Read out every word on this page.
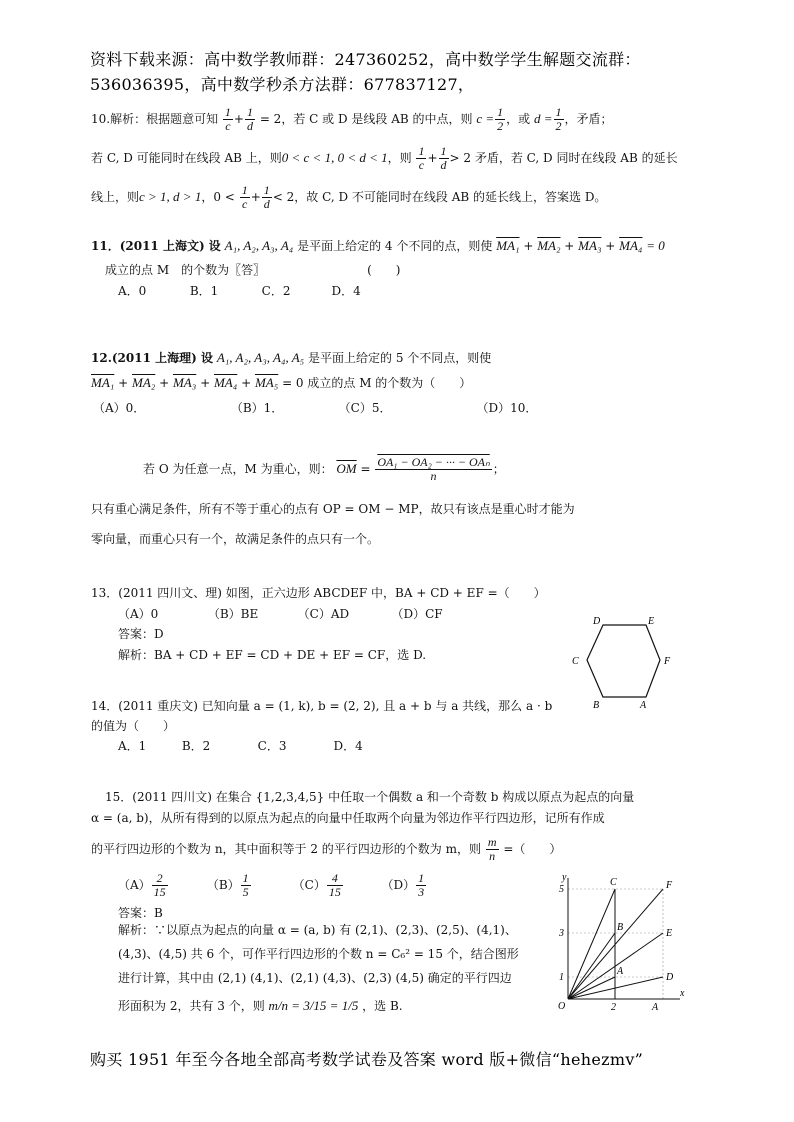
资料下载来源：高中数学教师群：247360252，高中数学学生解题交流群：
536036395，高中数学秒杀方法群：677837127，
10.解析：根据题意可知 $\frac{1}{c} + \frac{1}{d} = 2$，若 C 或 D 是线段 AB 的中点，则 $c = \frac{1}{2}$ ，或 $d = \frac{1}{2}$ ，矛盾；
若 C, D 可能同时在线段 AB 上，则0 < c < 1, 0 < d < 1，则 $\frac{1}{c} + \frac{1}{d} > 2$ 矛盾，若 C, D 同时在线段 AB 的延长
线上，则c > 1, d > 1，$0 < \frac{1}{c} + \frac{1}{d} < 2$，故 C, D 不可能同时在线段 AB 的延长线上，答案选 D。
11．(2011 上海文) 设 A₁, A₂, A₃, A₄ 是平面上给定的 4 个不同的点，则使 MA₁ + MA₂ + MA₃ + MA₄ = 0
成立的点 M　的个数为〖答〗　　　　　　　　　(　　)
A．0	B．1	C．2	D．4
12.(2011 上海理) 设 A₁, A₂, A₃, A₄, A₅ 是平面上给定的 5 个不同点，则使
MA₁ + MA₂ + MA₃ + MA₄ + MA₅ = 0 成立的点 M 的个数为（　　）
（A）0．	（B）1．	（C）5．	（D）10．
若 O 为任意一点，M 为重心，则： $\overline{OM} = OA_1 - OA_2$ − ··· − OAₙ
n	；
只有重心满足条件，所有不等于重心的点有 OP = OM − MP，故只有该点是重心时才能为
零向量，而重心只有一个，故满足条件的点只有一个。
13．(2011 四川文、理) 如图，正六边形 ABCDEF 中，BA + CD + EF =（　　）
（A）0	（B）BE	（C）AD	（D）CF
答案：D
解析：BA + CD + EF = CD + DE + EF = CF，选 D.
D	E
C	F
B	A
14．(2011 重庆文) 已知向量 a = (1, k), b = (2, 2), 且 a + b 与 a 共线，那么 a · b
的值为（　　）
A．1	B．2	C．3	D．4
15．(2011 四川文) 在集合 {1,2,3,4,5} 中任取一个偶数 a 和一个奇数 b 构成以原点为起点的向量
α = (a, b)，从所有得到的以原点为起点的向量中任取两个向量为邻边作平行四边形，记所有作成
的平行四边形的个数为 n，其中面积等于 2 的平行四边形的个数为 m，则 $\frac{m}{n}$ =（　　）
$(A) \frac{2}{15}$	$(B) \frac{1}{5}$	$(C) \frac{4}{15}$	$(D) \frac{1}{3}$
答案：B
解析：∵以原点为起点的向量 α = (a, b) 有 (2,1)、(2,3)、(2,5)、(4,1)、
(4,3)、(4,5) 共 6 个，可作平行四边形的个数 n = C₆² = 15 个，结合图形
进行计算，其中由 (2,1) (4,1)、(2,1) (4,3)、(2,3) (4,5) 确定的平行四边
形面积为 2，共有 3 个，则 m/n = 3/15 = 1/5 ，选 B.
y
x
O
5
3
1
2	A
C	F
B
E
A
D
购买 1951 年至今各地全部高考数学试卷及答案 word 版+微信“hehezmv”
